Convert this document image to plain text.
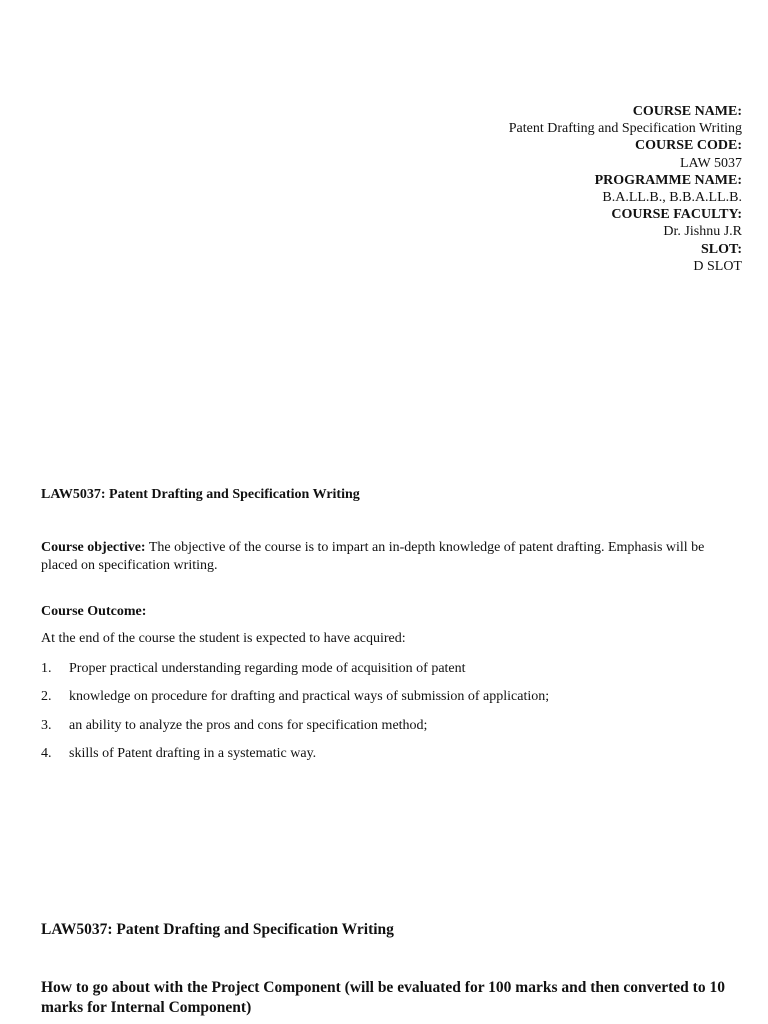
COURSE NAME:
Patent Drafting and Specification Writing
COURSE CODE:
LAW 5037
PROGRAMME NAME:
B.A.LL.B., B.B.A.LL.B.
COURSE FACULTY:
Dr. Jishnu J.R
SLOT:
D SLOT
LAW5037: Patent Drafting and Specification Writing
Course objective: The objective of the course is to impart an in-depth knowledge of patent drafting. Emphasis will be placed on specification writing.
Course Outcome:
At the end of the course the student is expected to have acquired:
1.	Proper practical understanding regarding mode of acquisition of patent
2.	knowledge on procedure for drafting and practical ways of submission of application;
3.	an ability to analyze the pros and cons for specification method;
4.	skills of Patent drafting in a systematic way.
LAW5037: Patent Drafting and Specification Writing
How to go about with the Project Component (will be evaluated for 100 marks and then converted to 10 marks for Internal Component)
